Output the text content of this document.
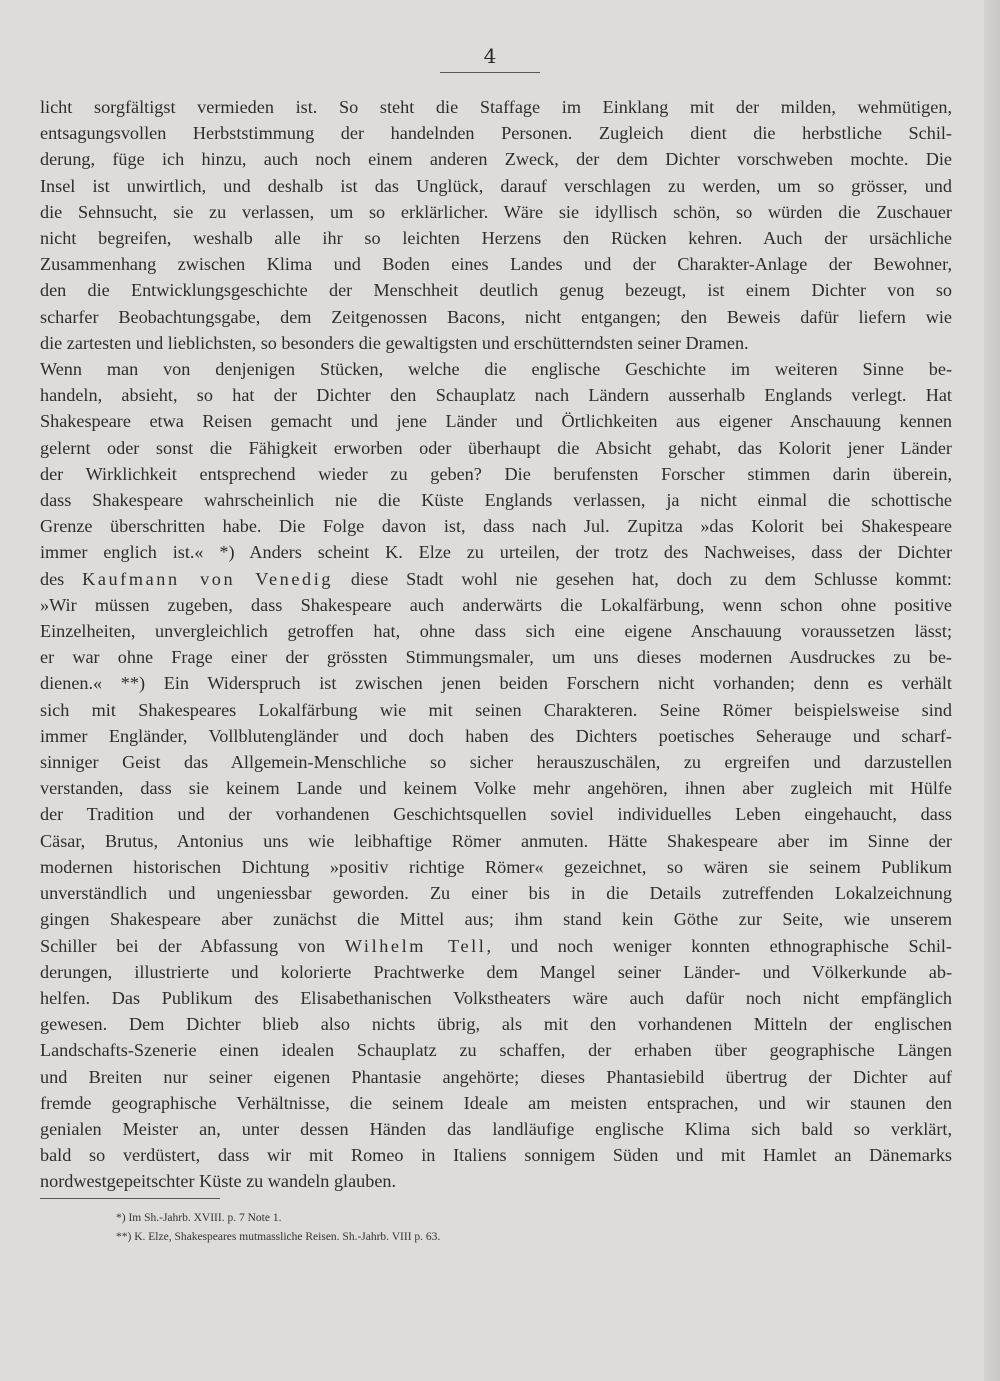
4

licht sorgfältigst vermieden ist. So steht die Staffage im Einklang mit der milden, wehmütigen,

entsagungsvollen Herbststimmung der handelnden Personen. Zugleich dient die herbstliche Schil-

derung, füge ich hinzu, auch noch einem anderen Zweck, der dem Dichter vorschweben mochte. Die

Insel ist unwirtlich, und deshalb ist das Unglück, darauf verschlagen zu werden, um so grösser, und

die Sehnsucht, sie zu verlassen, um so erklärlicher. Wäre sie idyllisch schön, so würden die Zuschauer

nicht begreifen, weshalb alle ihr so leichten Herzens den Rücken kehren. Auch der ursächliche

Zusammenhang zwischen Klima und Boden eines Landes und der Charakter-Anlage der Bewohner,

den die Entwicklungsgeschichte der Menschheit deutlich genug bezeugt, ist einem Dichter von so

scharfer Beobachtungsgabe, dem Zeitgenossen Bacons, nicht entgangen; den Beweis dafür liefern wie

die zartesten und lieblichsten, so besonders die gewaltigsten und erschütterndsten seiner Dramen.

Wenn man von denjenigen Stücken, welche die englische Geschichte im weiteren Sinne be-

handeln, absieht, so hat der Dichter den Schauplatz nach Ländern ausserhalb Englands verlegt. Hat

Shakespeare etwa Reisen gemacht und jene Länder und Örtlichkeiten aus eigener Anschauung kennen

gelernt oder sonst die Fähigkeit erworben oder überhaupt die Absicht gehabt, das Kolorit jener Länder

der Wirklichkeit entsprechend wieder zu geben? Die berufensten Forscher stimmen darin überein,

dass Shakespeare wahrscheinlich nie die Küste Englands verlassen, ja nicht einmal die schottische

Grenze überschritten habe. Die Folge davon ist, dass nach Jul. Zupitza »das Kolorit bei Shakespeare

immer englich ist.« *) Anders scheint K. Elze zu urteilen, der trotz des Nachweises, dass der Dichter

des Kaufmann von Venedig diese Stadt wohl nie gesehen hat, doch zu dem Schlusse kommt:

»Wir müssen zugeben, dass Shakespeare auch anderwärts die Lokalfärbung, wenn schon ohne positive

Einzelheiten, unvergleichlich getroffen hat, ohne dass sich eine eigene Anschauung voraussetzen lässt;

er war ohne Frage einer der grössten Stimmungsmaler, um uns dieses modernen Ausdruckes zu be-

dienen.« **) Ein Widerspruch ist zwischen jenen beiden Forschern nicht vorhanden; denn es verhält

sich mit Shakespeares Lokalfärbung wie mit seinen Charakteren. Seine Römer beispielsweise sind

immer Engländer, Vollblutengländer und doch haben des Dichters poetisches Seherauge und scharf-

sinniger Geist das Allgemein-Menschliche so sicher herauszuschälen, zu ergreifen und darzustellen

verstanden, dass sie keinem Lande und keinem Volke mehr angehören, ihnen aber zugleich mit Hülfe

der Tradition und der vorhandenen Geschichtsquellen soviel individuelles Leben eingehaucht, dass

Cäsar, Brutus, Antonius uns wie leibhaftige Römer anmuten. Hätte Shakespeare aber im Sinne der

modernen historischen Dichtung »positiv richtige Römer« gezeichnet, so wären sie seinem Publikum

unverständlich und ungeniessbar geworden. Zu einer bis in die Details zutreffenden Lokalzeichnung

gingen Shakespeare aber zunächst die Mittel aus; ihm stand kein Göthe zur Seite, wie unserem

Schiller bei der Abfassung von Wilhelm Tell, und noch weniger konnten ethnographische Schil-

derungen, illustrierte und kolorierte Prachtwerke dem Mangel seiner Länder- und Völkerkunde ab-

helfen. Das Publikum des Elisabethanischen Volkstheaters wäre auch dafür noch nicht empfänglich

gewesen. Dem Dichter blieb also nichts übrig, als mit den vorhandenen Mitteln der englischen

Landschafts-Szenerie einen idealen Schauplatz zu schaffen, der erhaben über geographische Längen

und Breiten nur seiner eigenen Phantasie angehörte; dieses Phantasiebild übertrug der Dichter auf

fremde geographische Verhältnisse, die seinem Ideale am meisten entsprachen, und wir staunen den

genialen Meister an, unter dessen Händen das landläufige englische Klima sich bald so verklärt,

bald so verdüstert, dass wir mit Romeo in Italiens sonnigem Süden und mit Hamlet an Dänemarks

nordwestgepeitschter Küste zu wandeln glauben.

*) Im Sh.-Jahrb. XVIII. p. 7 Note 1.
**) K. Elze, Shakespeares mutmassliche Reisen. Sh.-Jahrb. VIII p. 63.
